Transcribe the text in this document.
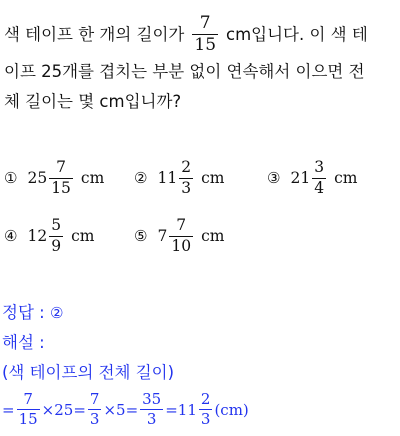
색 테이프 한 개의 길이가 $\frac{7}{15}$ cm입니다. 이 색 테
이프 25개를 겹치는 부분 없이 연속해서 이으면 전
체 길이는 몇 cm입니까?
① $25 \frac{7}{15}$ cm ② $11 \frac{2}{3}$ cm	③ $21 \frac{3}{4}$ cm
④ $12 \frac{5}{9}$ cm	⑤ $7 \frac{7}{10}$ cm
정답 : ②
해설 :
(색 테이프의 전체 길이)
= $\frac{7}{15} \times 25= \frac{7}{3} \times 5= \frac{35}{3} =11 \frac{2}{3} (cm)$
